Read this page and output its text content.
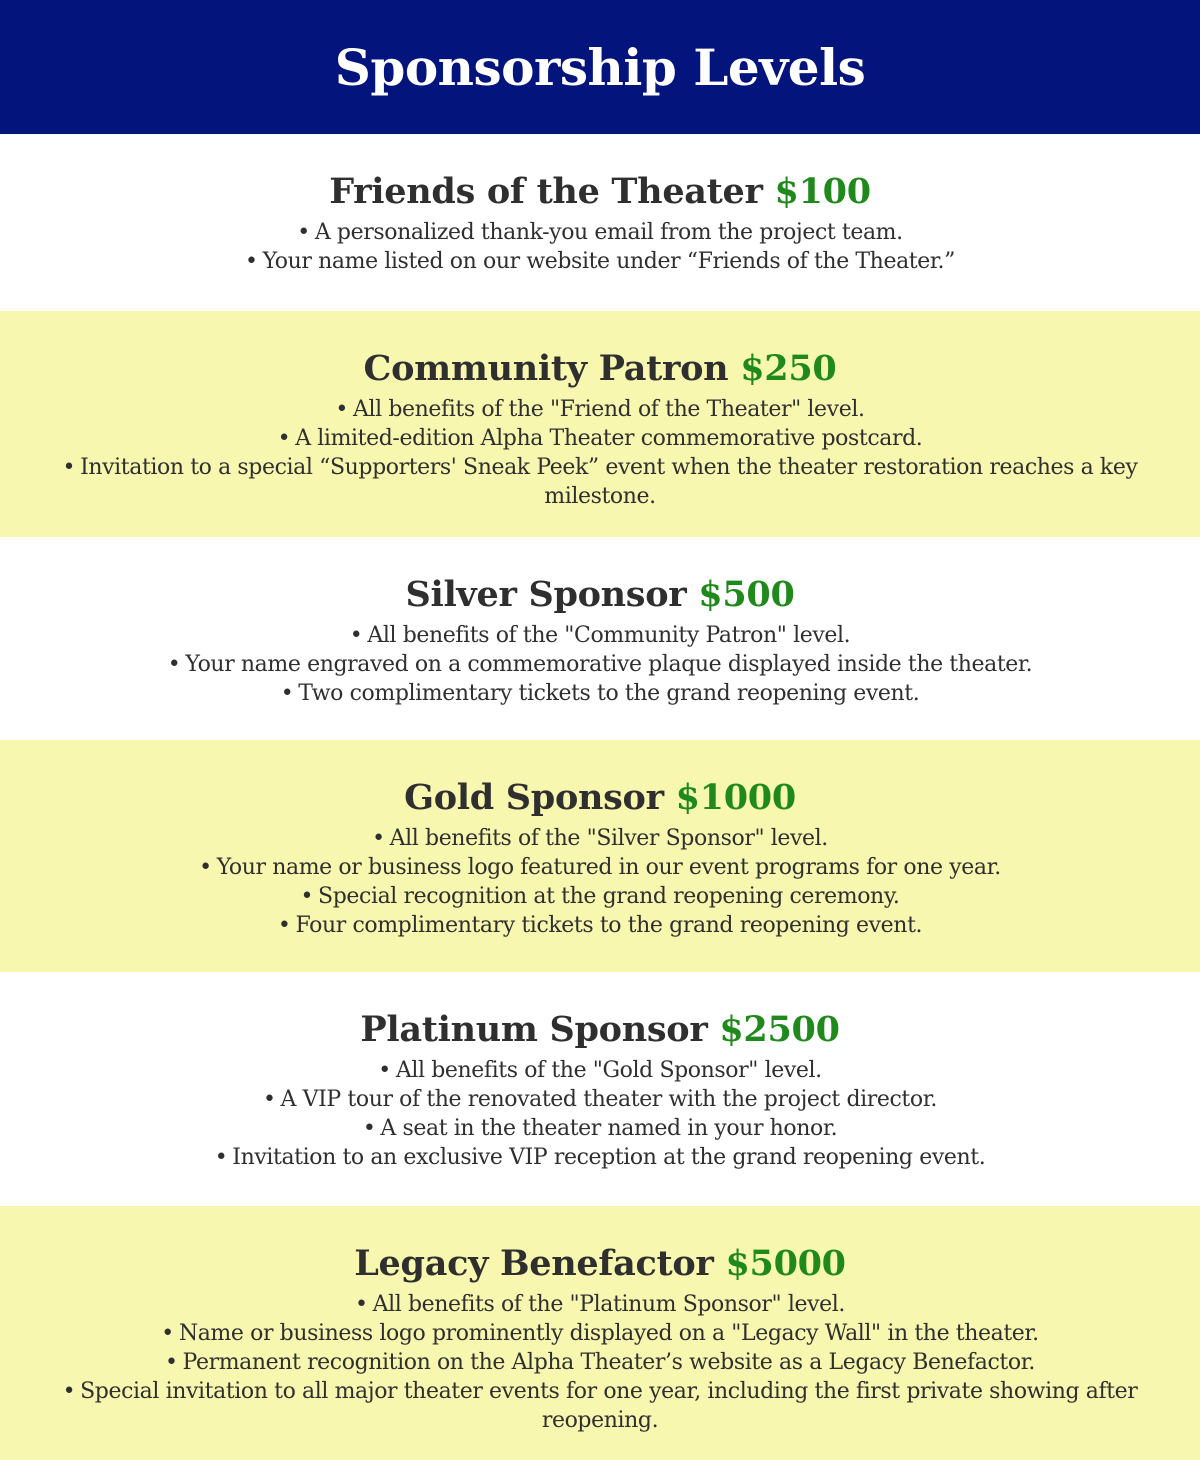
Sponsorship Levels
Friends of the Theater $100
• A personalized thank-you email from the project team.
• Your name listed on our website under “Friends of the Theater.”
Community Patron $250
• All benefits of the "Friend of the Theater" level.
• A limited-edition Alpha Theater commemorative postcard.
• Invitation to a special “Supporters' Sneak Peek” event when the theater restoration reaches a key milestone.
Silver Sponsor $500
• All benefits of the "Community Patron" level.
• Your name engraved on a commemorative plaque displayed inside the theater.
• Two complimentary tickets to the grand reopening event.
Gold Sponsor $1000
• All benefits of the "Silver Sponsor" level.
• Your name or business logo featured in our event programs for one year.
• Special recognition at the grand reopening ceremony.
• Four complimentary tickets to the grand reopening event.
Platinum Sponsor $2500
• All benefits of the "Gold Sponsor" level.
• A VIP tour of the renovated theater with the project director.
• A seat in the theater named in your honor.
• Invitation to an exclusive VIP reception at the grand reopening event.
Legacy Benefactor $5000
• All benefits of the "Platinum Sponsor" level.
• Name or business logo prominently displayed on a "Legacy Wall" in the theater.
• Permanent recognition on the Alpha Theater’s website as a Legacy Benefactor.
• Special invitation to all major theater events for one year, including the first private showing after reopening.
